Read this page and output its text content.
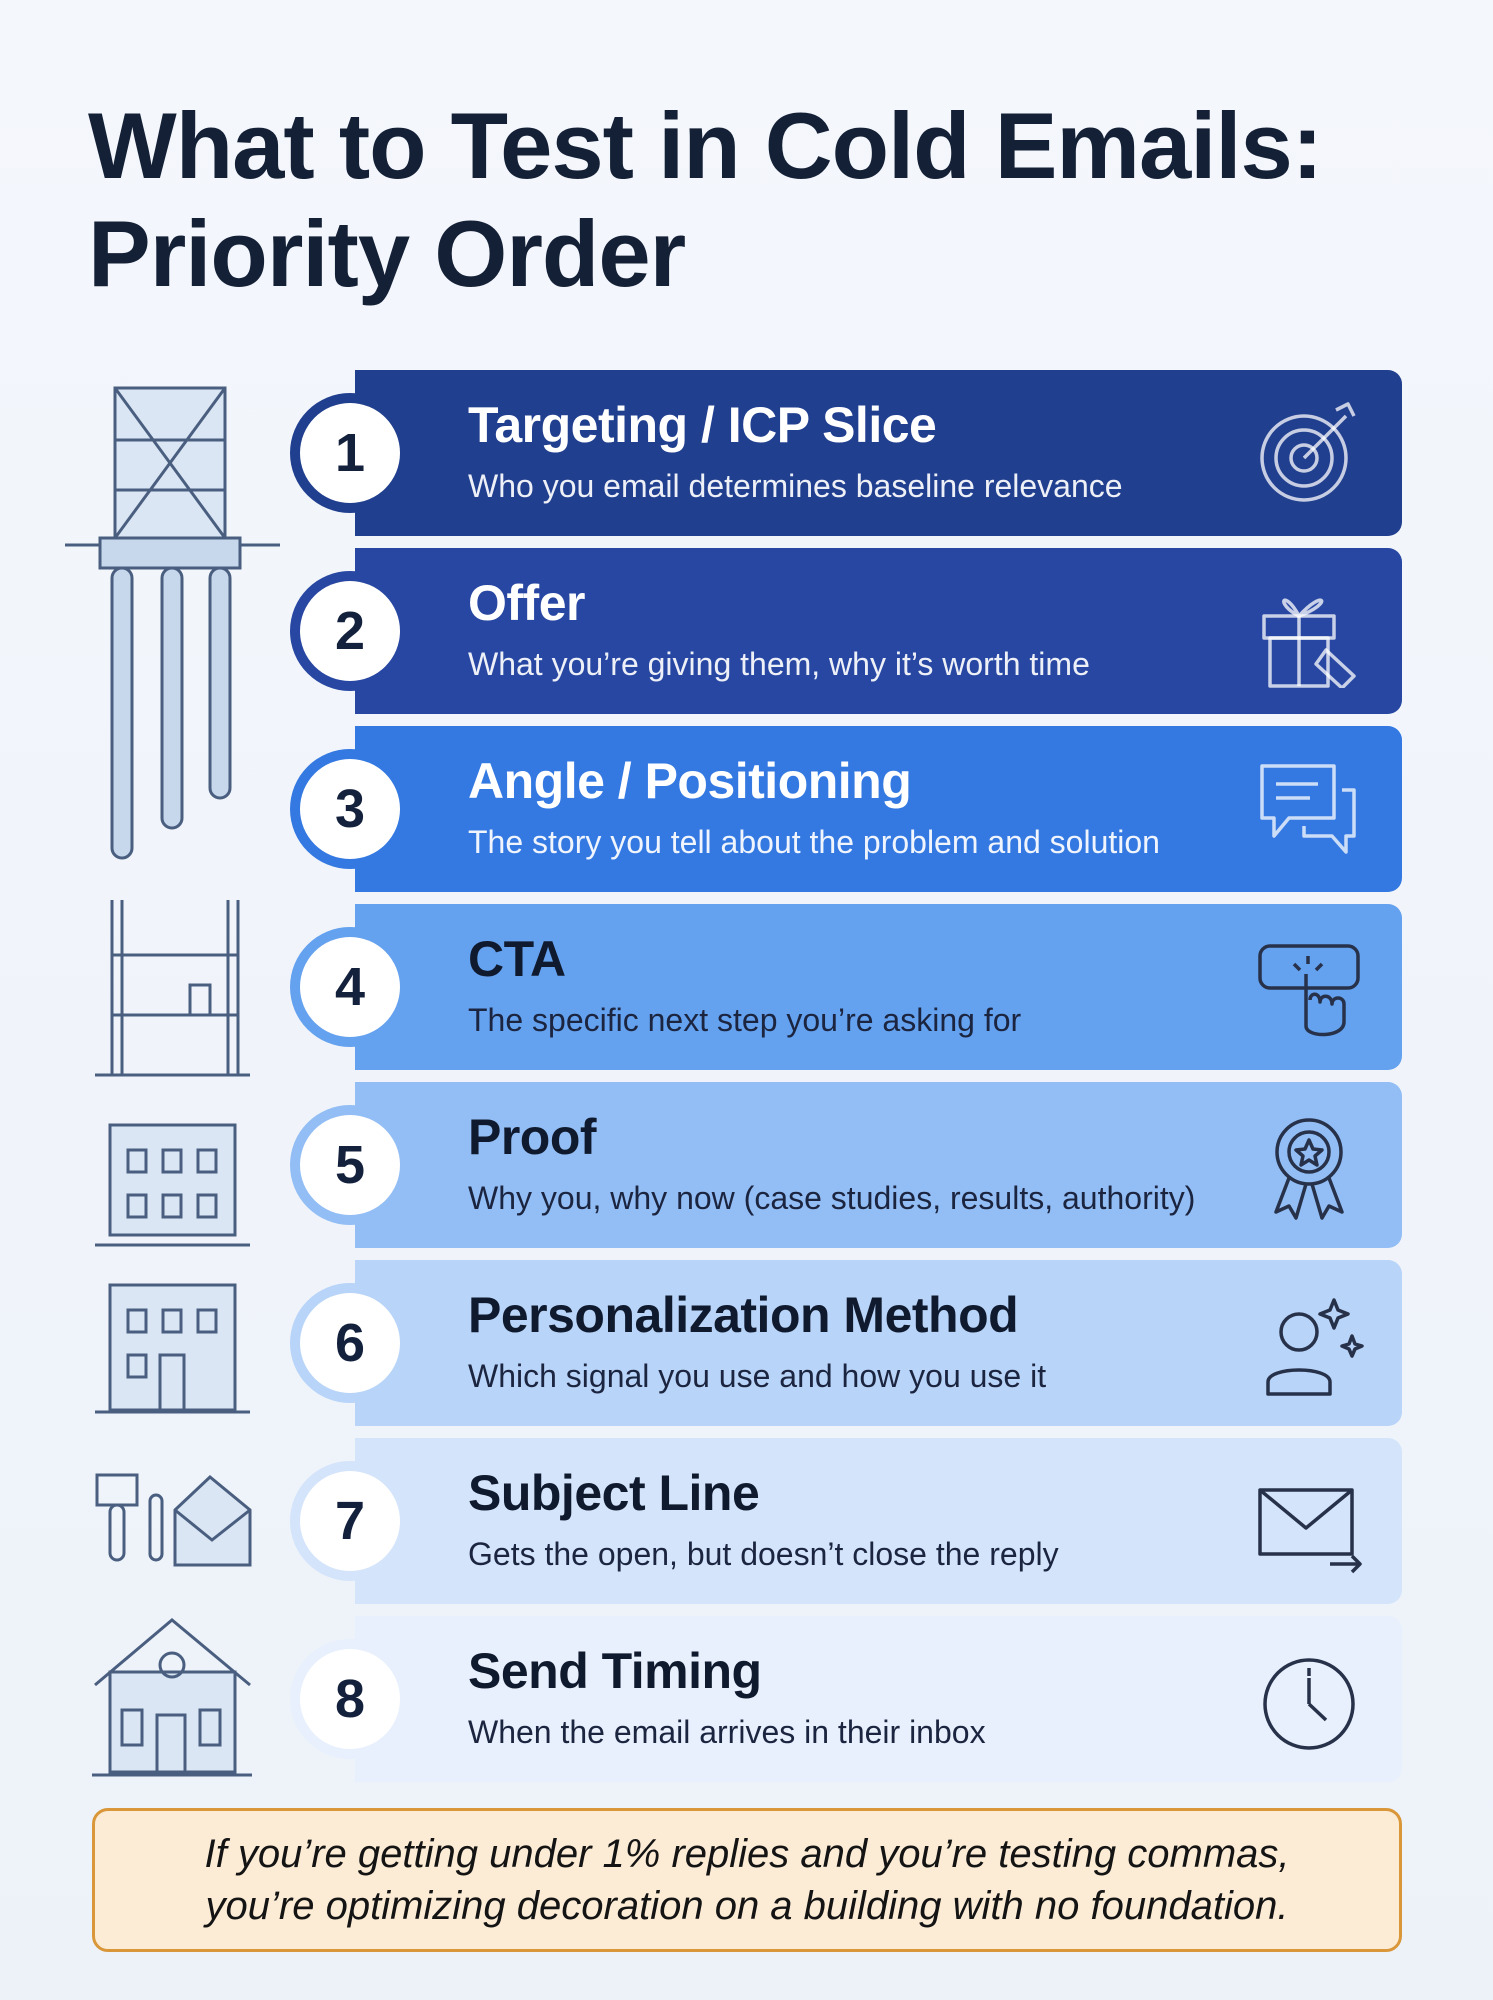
What to Test in Cold Emails:
Priority Order
1	Targeting / ICP Slice
Who you email determines baseline relevance
2	Offer
What you’re giving them, why it’s worth time
3	Angle / Positioning
The story you tell about the problem and solution
4	CTA
The specific next step you’re asking for
5	Proof
Why you, why now (case studies, results, authority)
6	Personalization Method
Which signal you use and how you use it
7	Subject Line
Gets the open, but doesn’t close the reply
8	Send Timing
When the email arrives in their inbox
If you’re getting under 1% replies and you’re testing commas,
you’re optimizing decoration on a building with no foundation.
